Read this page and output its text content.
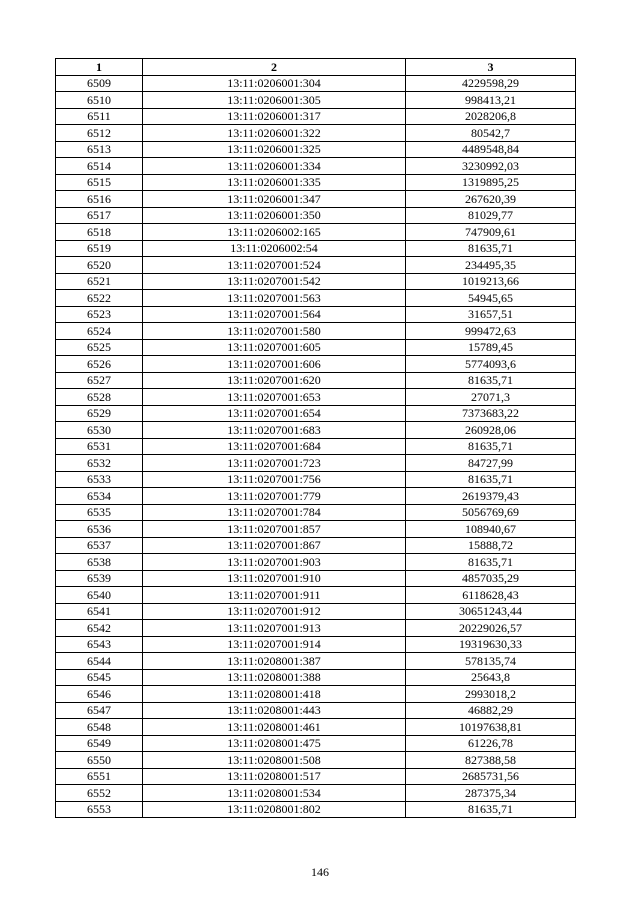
1	2	3
6509	13:11:0206001:304	4229598,29
6510	13:11:0206001:305	998413,21
6511	13:11:0206001:317	2028206,8
6512	13:11:0206001:322	80542,7
6513	13:11:0206001:325	4489548,84
6514	13:11:0206001:334	3230992,03
6515	13:11:0206001:335	1319895,25
6516	13:11:0206001:347	267620,39
6517	13:11:0206001:350	81029,77
6518	13:11:0206002:165	747909,61
6519	13:11:0206002:54	81635,71
6520	13:11:0207001:524	234495,35
6521	13:11:0207001:542	1019213,66
6522	13:11:0207001:563	54945,65
6523	13:11:0207001:564	31657,51
6524	13:11:0207001:580	999472,63
6525	13:11:0207001:605	15789,45
6526	13:11:0207001:606	5774093,6
6527	13:11:0207001:620	81635,71
6528	13:11:0207001:653	27071,3
6529	13:11:0207001:654	7373683,22
6530	13:11:0207001:683	260928,06
6531	13:11:0207001:684	81635,71
6532	13:11:0207001:723	84727,99
6533	13:11:0207001:756	81635,71
6534	13:11:0207001:779	2619379,43
6535	13:11:0207001:784	5056769,69
6536	13:11:0207001:857	108940,67
6537	13:11:0207001:867	15888,72
6538	13:11:0207001:903	81635,71
6539	13:11:0207001:910	4857035,29
6540	13:11:0207001:911	6118628,43
6541	13:11:0207001:912	30651243,44
6542	13:11:0207001:913	20229026,57
6543	13:11:0207001:914	19319630,33
6544	13:11:0208001:387	578135,74
6545	13:11:0208001:388	25643,8
6546	13:11:0208001:418	2993018,2
6547	13:11:0208001:443	46882,29
6548	13:11:0208001:461	10197638,81
6549	13:11:0208001:475	61226,78
6550	13:11:0208001:508	827388,58
6551	13:11:0208001:517	2685731,56
6552	13:11:0208001:534	287375,34
6553	13:11:0208001:802	81635,71
146
